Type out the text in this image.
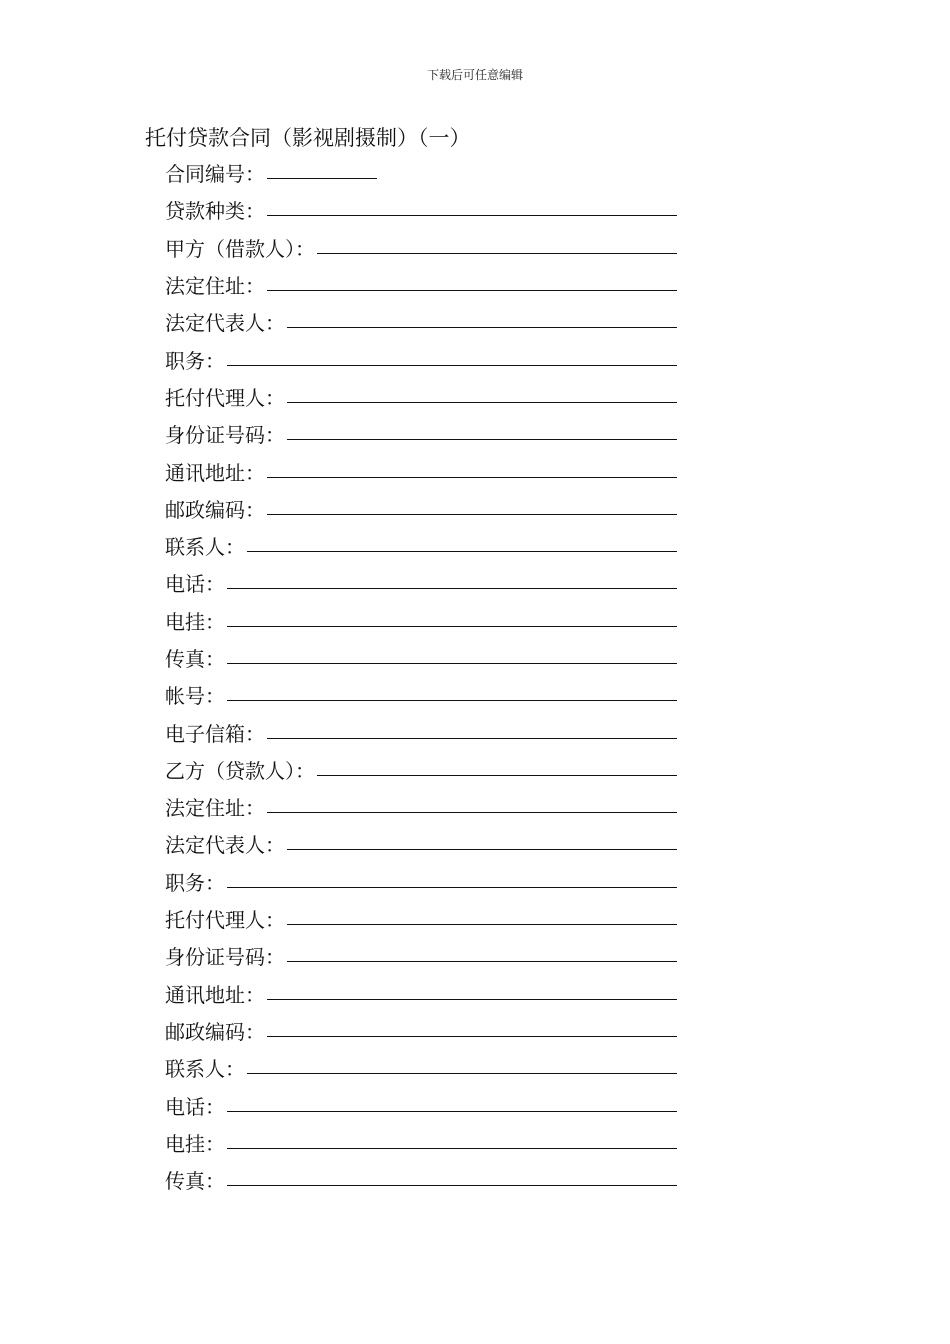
下载后可任意编辑
托付贷款合同（影视剧摄制）（一）
合同编号：
贷款种类：
甲方（借款人）：
法定住址：
法定代表人：
职务：
托付代理人：
身份证号码：
通讯地址：
邮政编码：
联系人：
电话：
电挂：
传真：
帐号：
电子信箱：
乙方（贷款人）：
法定住址：
法定代表人：
职务：
托付代理人：
身份证号码：
通讯地址：
邮政编码：
联系人：
电话：
电挂：
传真：
